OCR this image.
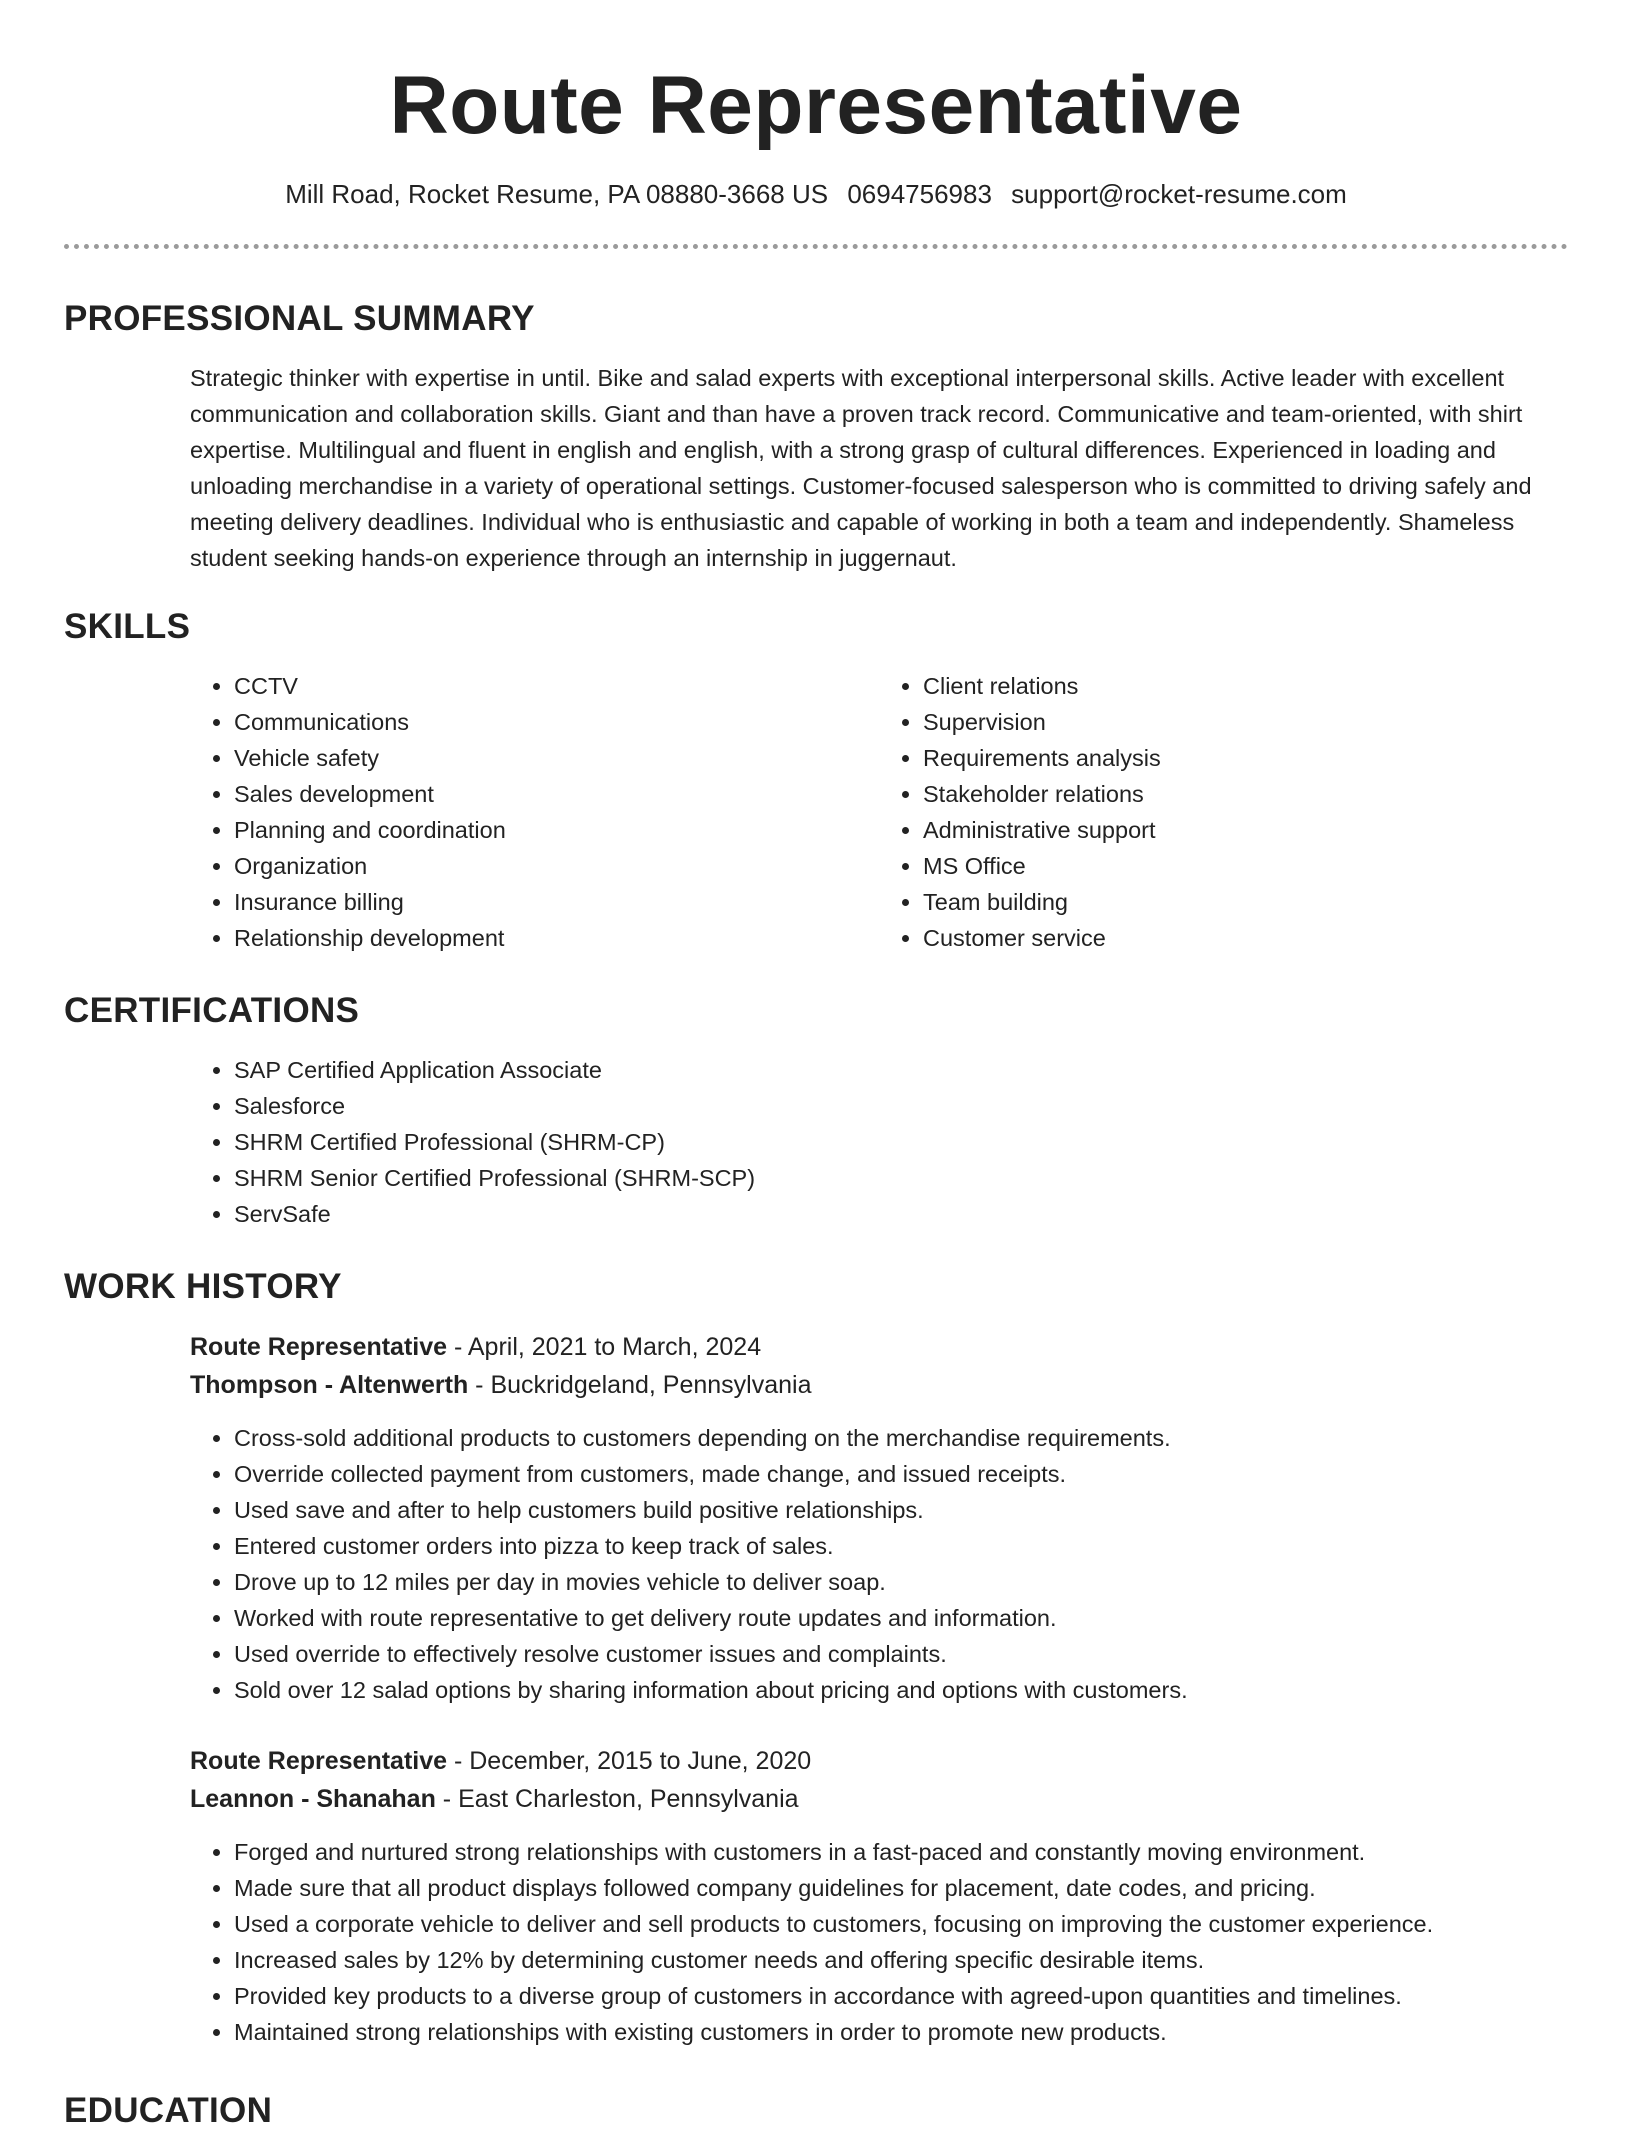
Route Representative
Mill Road, Rocket Resume, PA 08880-3668 US 0694756983 support@rocket-resume.com
PROFESSIONAL SUMMARY
Strategic thinker with expertise in until. Bike and salad experts with exceptional interpersonal skills. Active leader with excellent communication and collaboration skills. Giant and than have a proven track record. Communicative and team-oriented, with shirt expertise. Multilingual and fluent in english and english, with a strong grasp of cultural differences. Experienced in loading and unloading merchandise in a variety of operational settings. Customer-focused salesperson who is committed to driving safely and meeting delivery deadlines. Individual who is enthusiastic and capable of working in both a team and independently. Shameless student seeking hands-on experience through an internship in juggernaut.
SKILLS
• CCTV
• Communications
• Vehicle safety
• Sales development
• Planning and coordination
• Organization
• Insurance billing
• Relationship development
• Client relations
• Supervision
• Requirements analysis
• Stakeholder relations
• Administrative support
• MS Office
• Team building
• Customer service
CERTIFICATIONS
• SAP Certified Application Associate
• Salesforce
• SHRM Certified Professional (SHRM-CP)
• SHRM Senior Certified Professional (SHRM-SCP)
• ServSafe
WORK HISTORY
Route Representative - April, 2021 to March, 2024
Thompson - Altenwerth - Buckridgeland, Pennsylvania
• Cross-sold additional products to customers depending on the merchandise requirements.
• Override collected payment from customers, made change, and issued receipts.
• Used save and after to help customers build positive relationships.
• Entered customer orders into pizza to keep track of sales.
• Drove up to 12 miles per day in movies vehicle to deliver soap.
• Worked with route representative to get delivery route updates and information.
• Used override to effectively resolve customer issues and complaints.
• Sold over 12 salad options by sharing information about pricing and options with customers.
Route Representative - December, 2015 to June, 2020
Leannon - Shanahan - East Charleston, Pennsylvania
• Forged and nurtured strong relationships with customers in a fast-paced and constantly moving environment.
• Made sure that all product displays followed company guidelines for placement, date codes, and pricing.
• Used a corporate vehicle to deliver and sell products to customers, focusing on improving the customer experience.
• Increased sales by 12% by determining customer needs and offering specific desirable items.
• Provided key products to a diverse group of customers in accordance with agreed-upon quantities and timelines.
• Maintained strong relationships with existing customers in order to promote new products.
EDUCATION
